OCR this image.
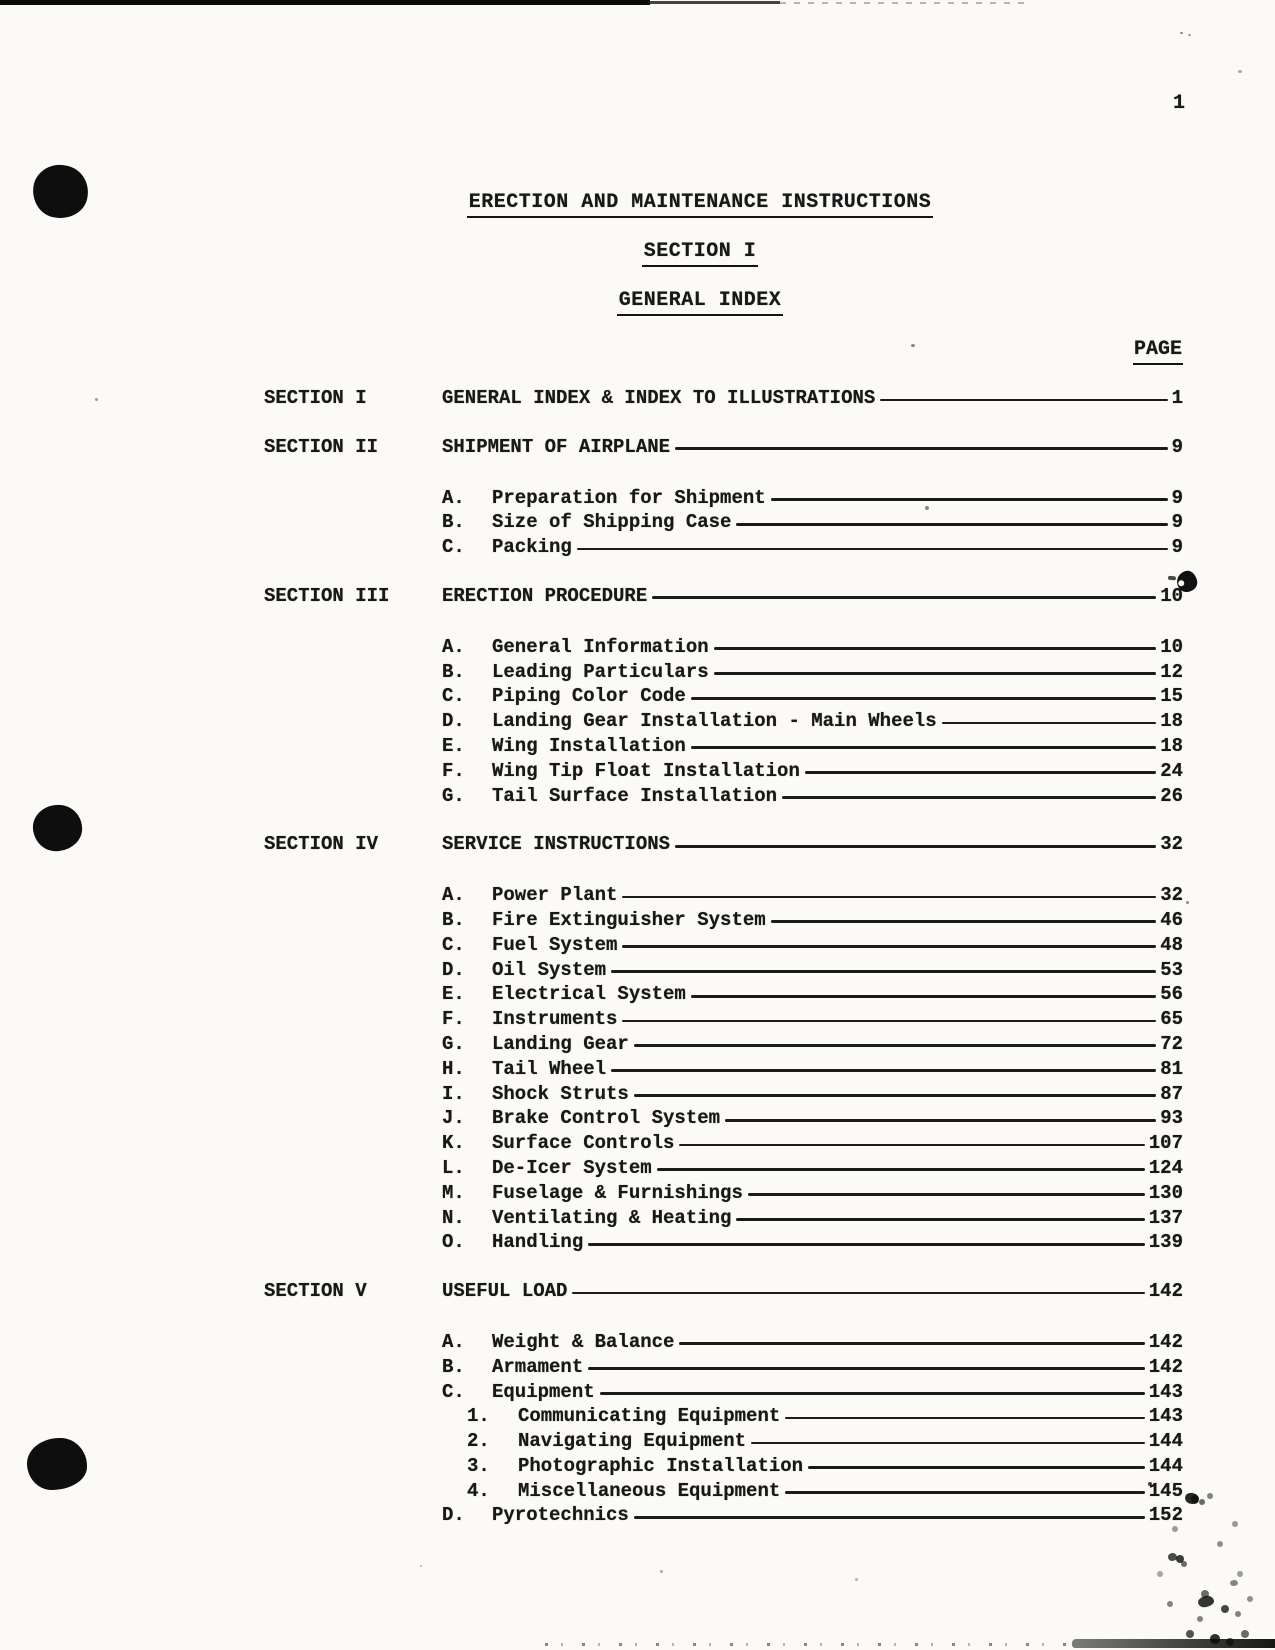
1
ERECTION AND MAINTENANCE INSTRUCTIONS
SECTION I
GENERAL INDEX
PAGE
SECTION I	GENERAL INDEX & INDEX TO ILLUSTRATIONS	1
SECTION II	SHIPMENT OF AIRPLANE	9
A.	Preparation for Shipment	9
B.	Size of Shipping Case	9
C.	Packing	9
SECTION III	ERECTION PROCEDURE	10
A.	General Information	10
B.	Leading Particulars	12
C.	Piping Color Code	15
D.	Landing Gear Installation - Main Wheels	18
E.	Wing Installation	18
F.	Wing Tip Float Installation	24
G.	Tail Surface Installation	26
SECTION IV	SERVICE INSTRUCTIONS	32
A.	Power Plant	32
B.	Fire Extinguisher System	46
C.	Fuel System	48
D.	Oil System	53
E.	Electrical System	56
F.	Instruments	65
G.	Landing Gear	72
H.	Tail Wheel	81
I.	Shock Struts	87
J.	Brake Control System	93
K.	Surface Controls	107
L.	De-Icer System	124
M.	Fuselage & Furnishings	130
N.	Ventilating & Heating	137
O.	Handling	139
SECTION V	USEFUL LOAD	142
A.	Weight & Balance	142
B.	Armament	142
C.	Equipment	143
1.	Communicating Equipment	143
2.	Navigating Equipment	144
3.	Photographic Installation	144
4.	Miscellaneous Equipment	145
D.	Pyrotechnics	152
